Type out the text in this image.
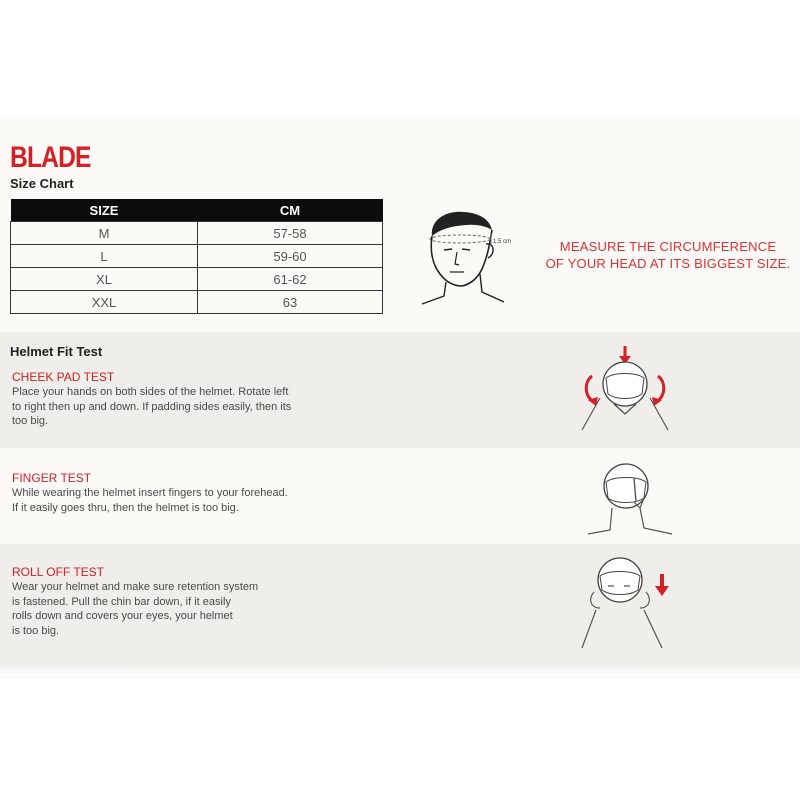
BLADE
Size Chart
SIZE	CM
M	57-58
L	59-60
XL	61-62
XXL	63
1.5 cm	MEASURE THE CIRCUMFERENCE
OF YOUR HEAD AT ITS BIGGEST SIZE.
Helmet Fit Test
CHEEK PAD TEST
Place your hands on both sides of the helmet. Rotate left
to right then up and down. If padding sides easily, then its
too big.
FINGER TEST
While wearing the helmet insert fingers to your forehead.
If it easily goes thru, then the helmet is too big.
ROLL OFF TEST
Wear your helmet and make sure retention system
is fastened. Pull the chin bar down, if it easily
rolls down and covers your eyes, your helmet
is too big.
